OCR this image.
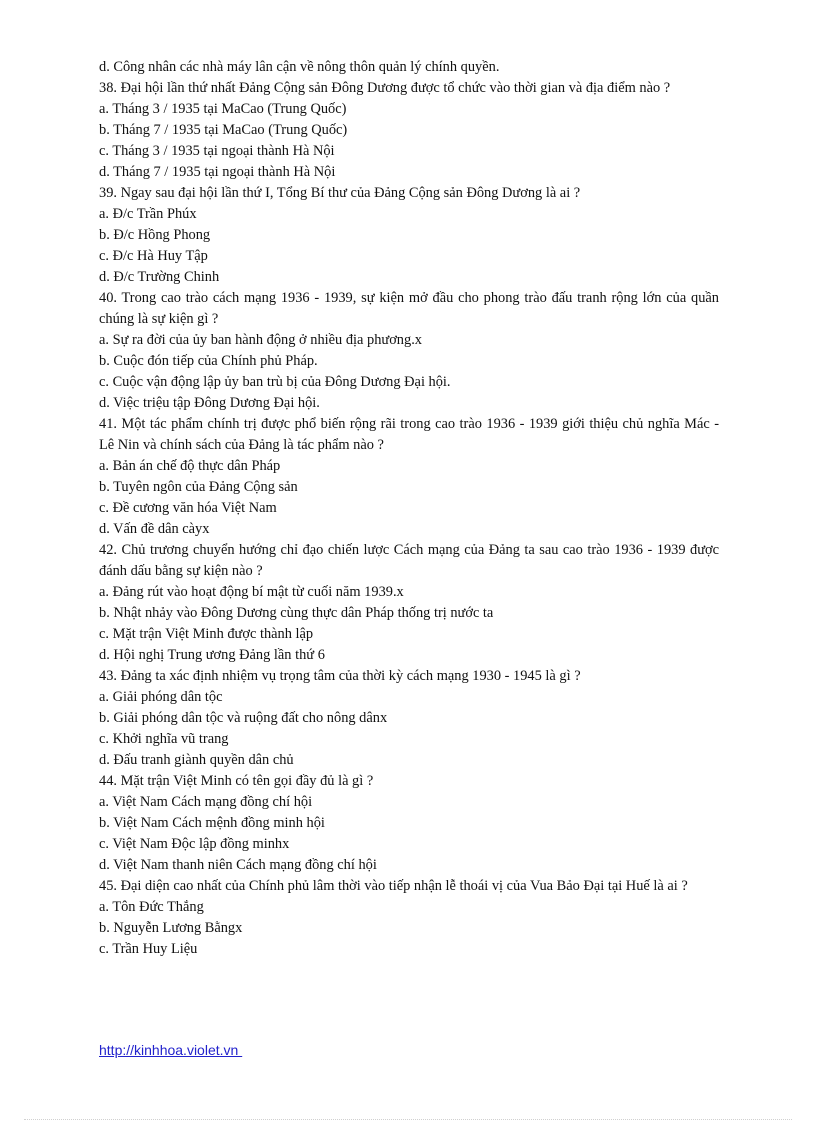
d. Công nhân các nhà máy lân cận về nông thôn quản lý chính quyền.
38. Đại hội lần thứ nhất Đảng Cộng sản Đông Dương được tổ chức vào thời gian và địa điểm nào ?
a. Tháng 3 / 1935 tại MaCao (Trung Quốc)
b. Tháng 7 / 1935 tại MaCao (Trung Quốc)
c. Tháng 3 / 1935 tại ngoại thành Hà Nội
d. Tháng 7 / 1935 tại ngoại thành Hà Nội
39. Ngay sau đại hội lần thứ I, Tổng Bí thư của Đảng Cộng sản Đông Dương là ai ?
a. Đ/c Trần Phúx
b. Đ/c Hồng Phong
c. Đ/c Hà Huy Tập
d. Đ/c Trường Chinh
40. Trong cao trào cách mạng 1936 - 1939, sự kiện mở đầu cho phong trào đấu tranh rộng lớn của quần chúng là sự kiện gì ?
a. Sự ra đời của ủy ban hành động ở nhiều địa phương.x
b. Cuộc đón tiếp của Chính phủ Pháp.
c. Cuộc vận động lập ủy ban trù bị của Đông Dương Đại hội.
d. Việc triệu tập Đông Dương Đại hội.
41. Một tác phẩm chính trị được phổ biến rộng rãi trong cao trào 1936 - 1939 giới thiệu chủ nghĩa Mác - Lê Nin và chính sách của Đảng là tác phẩm nào ?
a. Bản án chế độ thực dân Pháp
b. Tuyên ngôn của Đảng Cộng sản
c. Đề cương văn hóa Việt Nam
d. Vấn đề dân càyx
42. Chủ trương chuyển hướng chỉ đạo chiến lược Cách mạng của Đảng ta sau cao trào 1936 - 1939 được đánh dấu bằng sự kiện nào ?
a. Đảng rút vào hoạt động bí mật từ cuối năm 1939.x
b. Nhật nhảy vào Đông Dương cùng thực dân Pháp thống trị nước ta
c. Mặt trận Việt Minh được thành lập
d. Hội nghị Trung ương Đảng lần thứ 6
43. Đảng ta xác định nhiệm vụ trọng tâm của thời kỳ cách mạng 1930 - 1945 là gì ?
a. Giải phóng dân tộc
b. Giải phóng dân tộc và ruộng đất cho nông dânx
c. Khởi nghĩa vũ trang
d. Đấu tranh giành quyền dân chủ
44. Mặt trận Việt Minh có tên gọi đầy đủ là gì ?
a. Việt Nam Cách mạng đồng chí hội
b. Việt Nam Cách mệnh đồng minh hội
c. Việt Nam Độc lập đồng minhx
d. Việt Nam thanh niên Cách mạng đồng chí hội
45. Đại diện cao nhất của Chính phủ lâm thời vào tiếp nhận lễ thoái vị của Vua Bảo Đại tại Huế là ai ?
a. Tôn Đức Thắng
b. Nguyễn Lương Bằngx
c. Trần Huy Liệu
http://kinhhoa.violet.vn
